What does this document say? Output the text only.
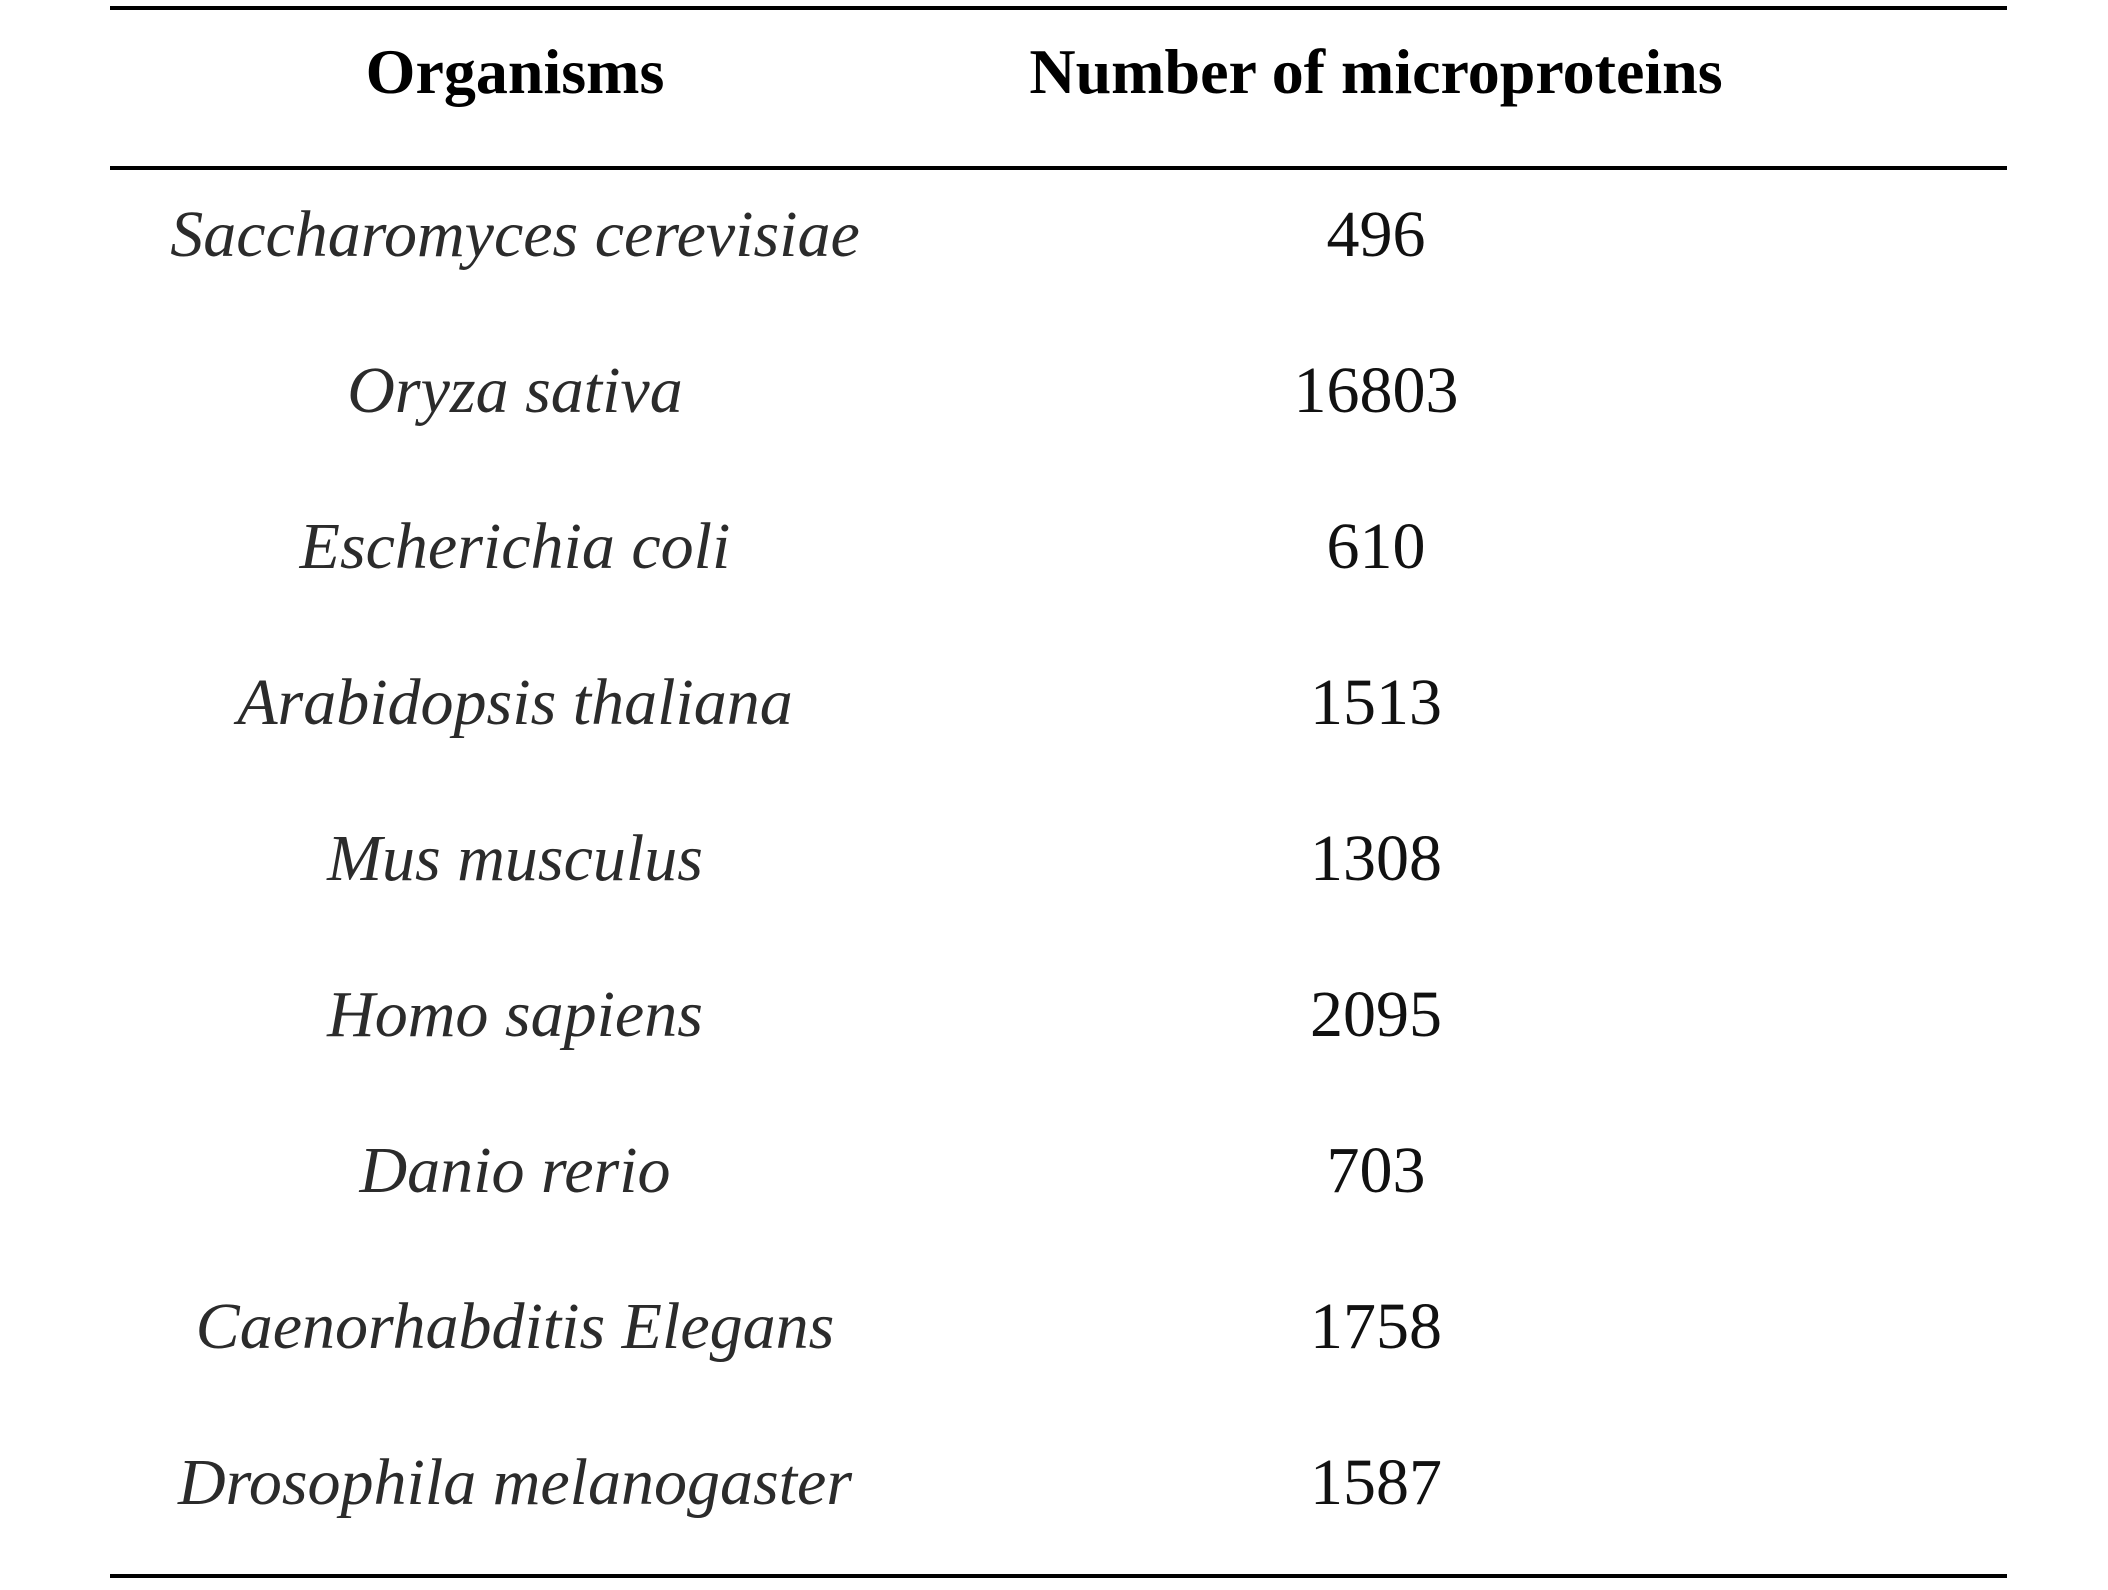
Organisms	Number of microproteins
Saccharomyces cerevisiae	496
Oryza sativa	16803
Escherichia coli	610
Arabidopsis thaliana	1513
Mus musculus	1308
Homo sapiens	2095
Danio rerio	703
Caenorhabditis Elegans	1758
Drosophila melanogaster	1587
